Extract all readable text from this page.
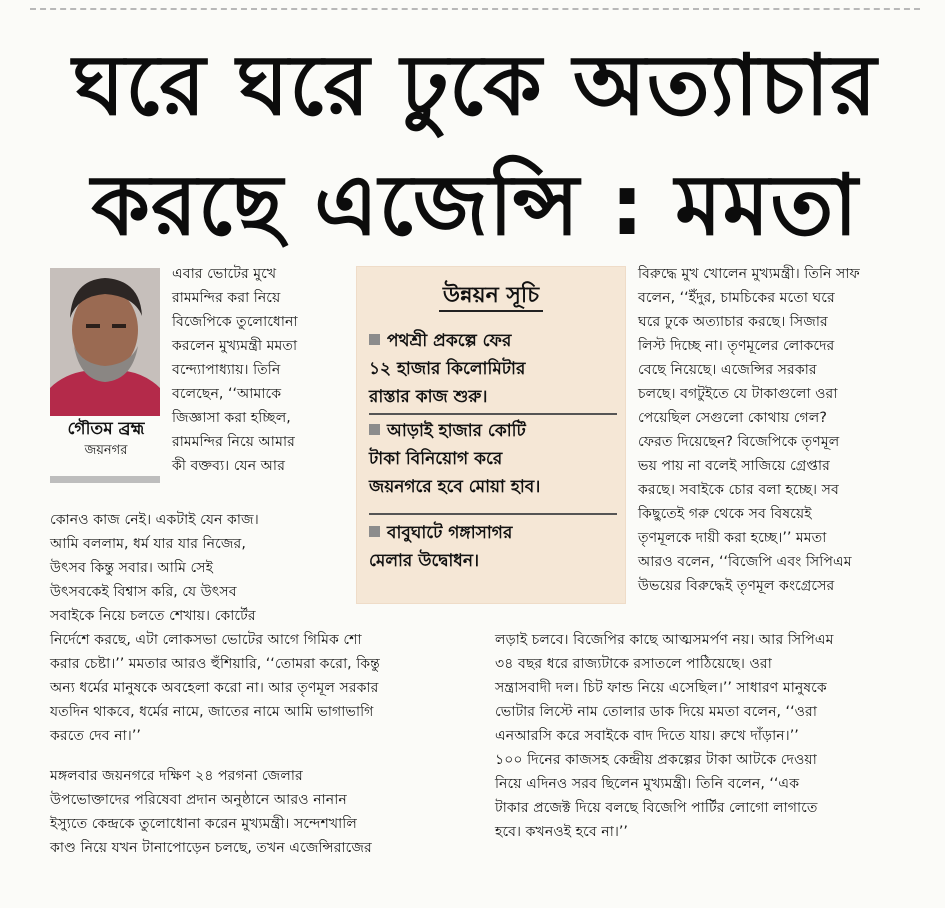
ঘরে ঘরে ঢুকে অত্যাচার
করছে এজেন্সি : মমতা
গৌতম ব্রহ্ম
জয়নগর
এবার ভোটের মুখে
রামমন্দির করা নিয়ে
বিজেপিকে তুলোধোনা
করলেন মুখ্যমন্ত্রী মমতা
বন্দ্যোপাধ্যায়। তিনি
বলেছেন, ‘‘আমাকে
জিজ্ঞাসা করা হচ্ছিল,
রামমন্দির নিয়ে আমার
কী বক্তব্য। যেন আর
কোনও কাজ নেই। একটাই যেন কাজ।
আমি বললাম, ধর্ম যার যার নিজের,
উৎসব কিন্তু সবার। আমি সেই
উৎসবকেই বিশ্বাস করি, যে উৎসব
সবাইকে নিয়ে চলতে শেখায়। কোর্টের
নির্দেশে করছে, এটা লোকসভা ভোটের আগে গিমিক শো
করার চেষ্টা।’’ মমতার আরও হুঁশিয়ারি, ‘‘তোমরা করো, কিন্তু
অন্য ধর্মের মানুষকে অবহেলা করো না। আর তৃণমূল সরকার
যতদিন থাকবে, ধর্মের নামে, জাতের নামে আমি ভাগাভাগি
করতে দেব না।’’
মঙ্গলবার জয়নগরে দক্ষিণ ২৪ পরগনা জেলার
উপভোক্তাদের পরিষেবা প্রদান অনুষ্ঠানে আরও নানান
ইস্যুতে কেন্দ্রকে তুলোধোনা করেন মুখ্যমন্ত্রী। সন্দেশখালি
কাণ্ড নিয়ে যখন টানাপোড়েন চলছে, তখন এজেন্সিরাজের
উন্নয়ন সূচি
পথশ্রী প্রকল্পে ফের
১২ হাজার কিলোমিটার
রাস্তার কাজ শুরু।
আড়াই হাজার কোটি
টাকা বিনিয়োগ করে
জয়নগরে হবে মোয়া হাব।
বাবুঘাটে গঙ্গাসাগর
মেলার উদ্বোধন।
বিরুদ্ধে মুখ খোলেন মুখ্যমন্ত্রী। তিনি সাফ
বলেন, ‘‘ইঁদুর, চামচিকের মতো ঘরে
ঘরে ঢুকে অত্যাচার করছে। সিজার
লিস্ট দিচ্ছে না। তৃণমূলের লোকদের
বেছে নিয়েছে। এজেন্সির সরকার
চলছে। বগটুইতে যে টাকাগুলো ওরা
পেয়েছিল সেগুলো কোথায় গেল?
ফেরত দিয়েছেন? বিজেপিকে তৃণমূল
ভয় পায় না বলেই সাজিয়ে গ্রেপ্তার
করছে। সবাইকে চোর বলা হচ্ছে। সব
কিছুতেই গরু থেকে সব বিষয়েই
তৃণমূলকে দায়ী করা হচ্ছে।’’ মমতা
আরও বলেন, ‘‘বিজেপি এবং সিপিএম
উভয়ের বিরুদ্ধেই তৃণমূল কংগ্রেসের
লড়াই চলবে। বিজেপির কাছে আত্মসমর্পণ নয়। আর সিপিএম
৩৪ বছর ধরে রাজ্যটাকে রসাতলে পাঠিয়েছে। ওরা
সন্ত্রাসবাদী দল। চিট ফান্ড নিয়ে এসেছিল।’’ সাধারণ মানুষকে
ভোটার লিস্টে নাম তোলার ডাক দিয়ে মমতা বলেন, ‘‘ওরা
এনআরসি করে সবাইকে বাদ দিতে যায়। রুখে দাঁড়ান।’’
১০০ দিনের কাজসহ কেন্দ্রীয় প্রকল্পের টাকা আটকে দেওয়া
নিয়ে এদিনও সরব ছিলেন মুখ্যমন্ত্রী। তিনি বলেন, ‘‘এক
টাকার প্রজেক্ট দিয়ে বলছে বিজেপি পার্টির লোগো লাগাতে
হবে। কখনওই হবে না।’’
